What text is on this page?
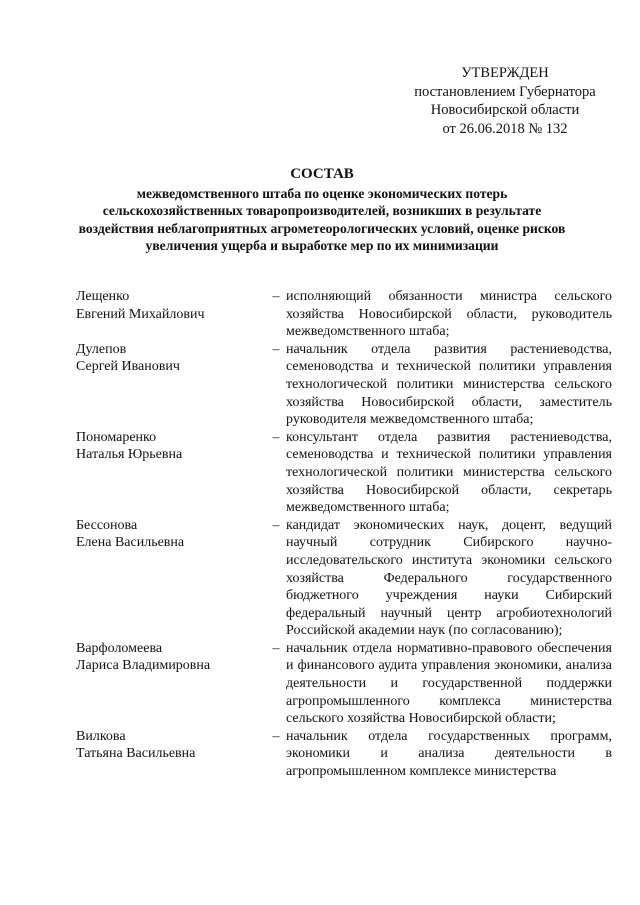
УТВЕРЖДЕН
постановлением Губернатора
Новосибирской области
от 26.06.2018 № 132
СОСТАВ
межведомственного штаба по оценке экономических потерь сельскохозяйственных товаропроизводителей, возникших в результате воздействия неблагоприятных агрометеорологических условий, оценке рисков увеличения ущерба и выработке мер по их минимизации
Лещенко
Евгений Михайлович
– исполняющий обязанности министра сельского хозяйства Новосибирской области, руководитель межведомственного штаба;
Дулепов
Сергей Иванович
– начальник отдела развития растениеводства, семеноводства и технической политики управления технологической политики министерства сельского хозяйства Новосибирской области, заместитель руководителя межведомственного штаба;
Пономаренко
Наталья Юрьевна
– консультант отдела развития растениеводства, семеноводства и технической политики управления технологической политики министерства сельского хозяйства Новосибирской области, секретарь межведомственного штаба;
Бессонова
Елена Васильевна
– кандидат экономических наук, доцент, ведущий научный сотрудник Сибирского научно-исследовательского института экономики сельского хозяйства Федерального государственного бюджетного учреждения науки Сибирский федеральный научный центр агробиотехнологий Российской академии наук (по согласованию);
Варфоломеева
Лариса Владимировна
– начальник отдела нормативно-правового обеспечения и финансового аудита управления экономики, анализа деятельности и государственной поддержки агропромышленного комплекса министерства сельского хозяйства Новосибирской области;
Вилкова
Татьяна Васильевна
– начальник отдела государственных программ, экономики и анализа деятельности в агропромышленном комплексе министерства
